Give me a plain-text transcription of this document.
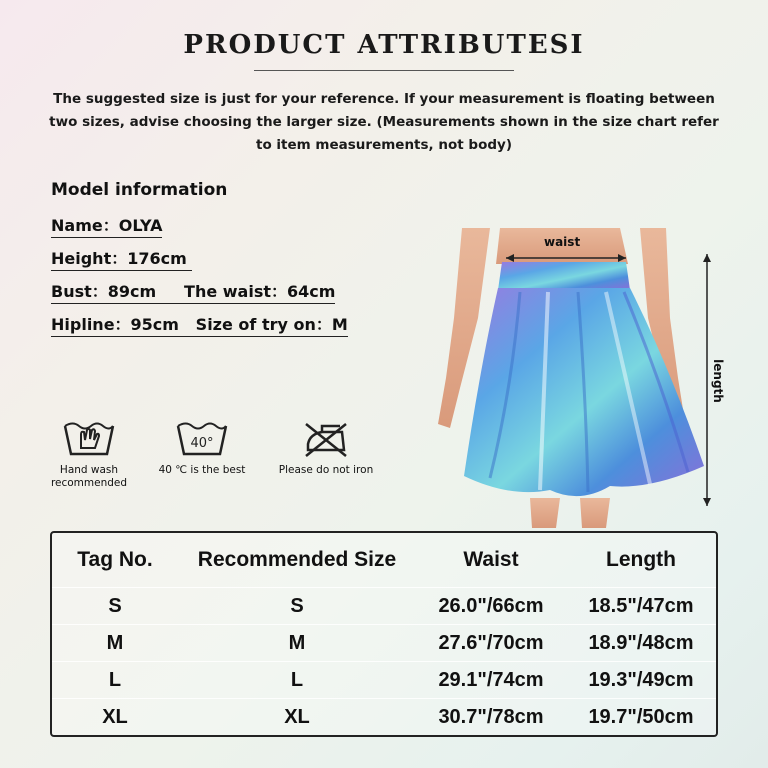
PRODUCT ATTRIBUTESI
The suggested size is just for your reference. If your measurement is floating between two sizes, advise choosing the larger size. (Measurements shown in the size chart refer to item measurements, not body)
Model information
Name：OLYA
Height：176cm
Bust：89cm     The waist：64cm
Hipline：95cm   Size of try on：M
Hand wash recommended
40°
40 ℃ is the best	Please do not iron
waist
length
Tag No.	Recommended Size	Waist	Length
S	S	26.0"/66cm	18.5"/47cm
M	M	27.6"/70cm	18.9"/48cm
L	L	29.1"/74cm	19.3"/49cm
XL	XL	30.7"/78cm	19.7"/50cm
